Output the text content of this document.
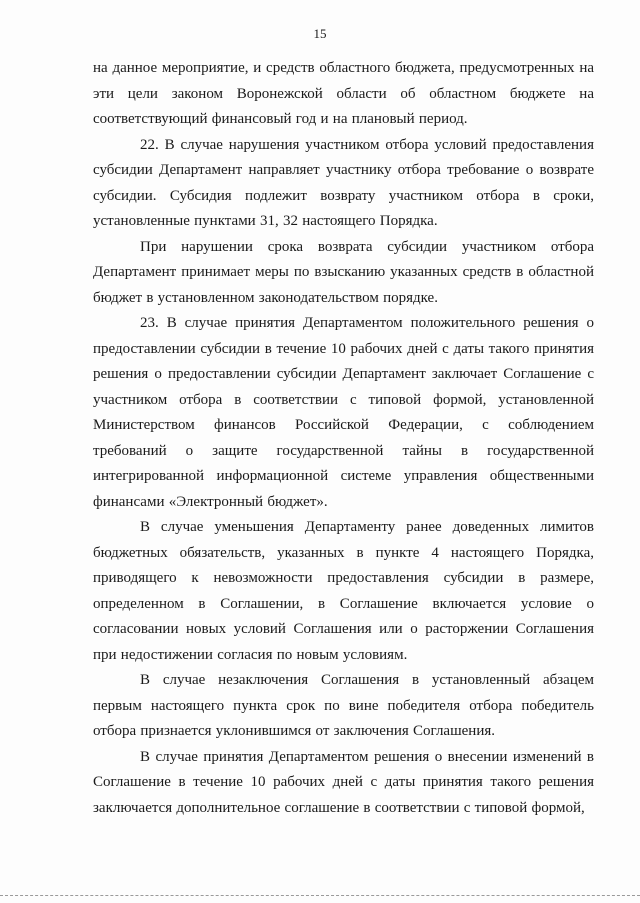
15

на данное мероприятие, и средств областного бюджета, предусмотренных на эти цели законом Воронежской области об областном бюджете на соответствующий финансовый год и на плановый период.

22. В случае нарушения участником отбора условий предоставления субсидии Департамент направляет участнику отбора требование о возврате субсидии. Субсидия подлежит возврату участником отбора в сроки, установленные пунктами 31, 32 настоящего Порядка.

При нарушении срока возврата субсидии участником отбора Департамент принимает меры по взысканию указанных средств в областной бюджет в установленном законодательством порядке.

23. В случае принятия Департаментом положительного решения о предоставлении субсидии в течение 10 рабочих дней с даты такого принятия решения о предоставлении субсидии Департамент заключает Соглашение с участником отбора в соответствии с типовой формой, установленной Министерством финансов Российской Федерации, с соблюдением требований о защите государственной тайны в государственной интегрированной информационной системе управления общественными финансами «Электронный бюджет».

В случае уменьшения Департаменту ранее доведенных лимитов бюджетных обязательств, указанных в пункте 4 настоящего Порядка, приводящего к невозможности предоставления субсидии в размере, определенном в Соглашении, в Соглашение включается условие о согласовании новых условий Соглашения или о расторжении Соглашения при недостижении согласия по новым условиям.

В случае незаключения Соглашения в установленный абзацем первым настоящего пункта срок по вине победителя отбора победитель отбора признается уклонившимся от заключения Соглашения.

В случае принятия Департаментом решения о внесении изменений в Соглашение в течение 10 рабочих дней с даты принятия такого решения заключается дополнительное соглашение в соответствии с типовой формой,
